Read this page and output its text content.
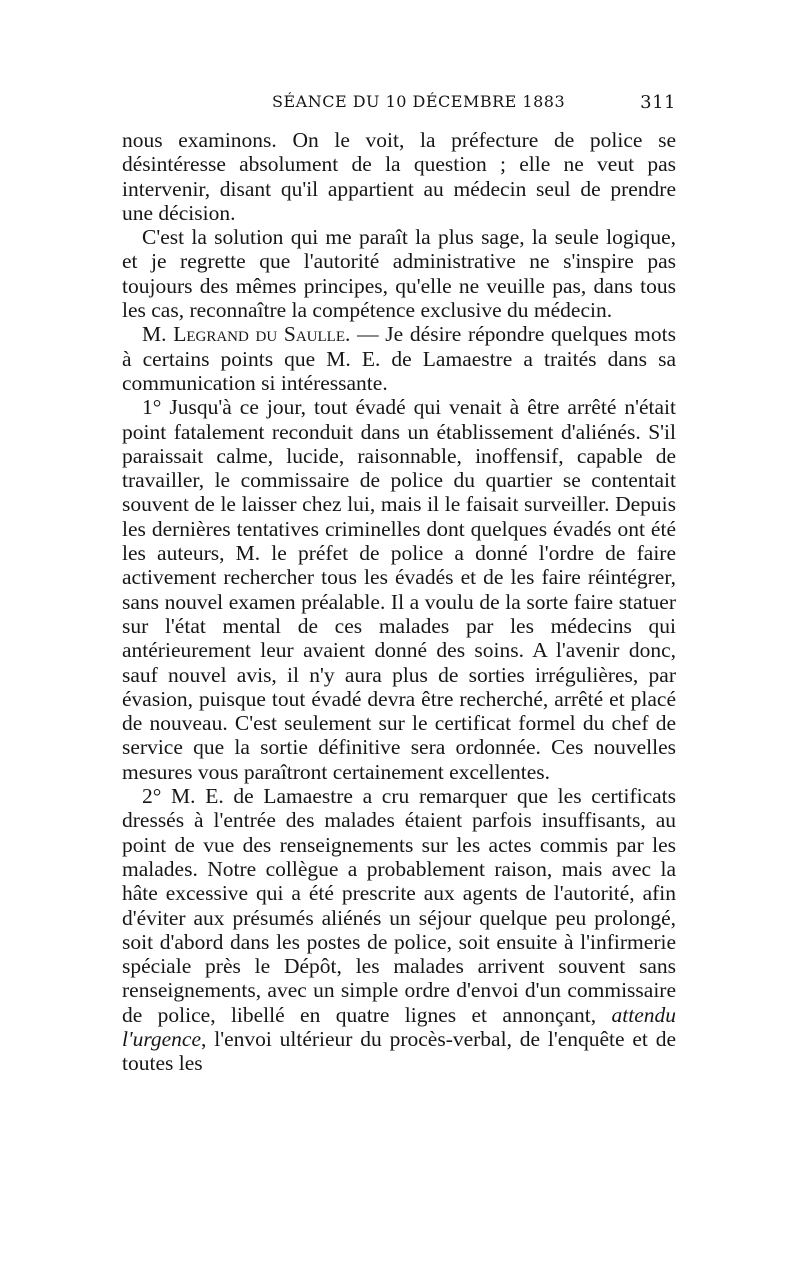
SÉANCE DU 10 DÉCEMBRE 1883	311

nous examinons. On le voit, la préfecture de police se désintéresse absolument de la question ; elle ne veut pas intervenir, disant qu'il appartient au médecin seul de prendre une décision.

C'est la solution qui me paraît la plus sage, la seule logique, et je regrette que l'autorité administrative ne s'inspire pas toujours des mêmes principes, qu'elle ne veuille pas, dans tous les cas, reconnaître la compétence exclusive du médecin.

M. Legrand du Saulle. — Je désire répondre quelques mots à certains points que M. E. de Lamaestre a traités dans sa communication si intéressante.

1° Jusqu'à ce jour, tout évadé qui venait à être arrêté n'était point fatalement reconduit dans un établissement d'aliénés. S'il paraissait calme, lucide, raisonnable, inoffensif, capable de travailler, le commissaire de police du quartier se contentait souvent de le laisser chez lui, mais il le faisait surveiller. Depuis les dernières tentatives criminelles dont quelques évadés ont été les auteurs, M. le préfet de police a donné l'ordre de faire activement rechercher tous les évadés et de les faire réintégrer, sans nouvel examen préalable. Il a voulu de la sorte faire statuer sur l'état mental de ces malades par les médecins qui antérieurement leur avaient donné des soins. A l'avenir donc, sauf nouvel avis, il n'y aura plus de sorties irrégulières, par évasion, puisque tout évadé devra être recherché, arrêté et placé de nouveau. C'est seulement sur le certificat formel du chef de service que la sortie définitive sera ordonnée. Ces nouvelles mesures vous paraîtront certainement excellentes.

2° M. E. de Lamaestre a cru remarquer que les certificats dressés à l'entrée des malades étaient parfois insuffisants, au point de vue des renseignements sur les actes commis par les malades. Notre collègue a probablement raison, mais avec la hâte excessive qui a été prescrite aux agents de l'autorité, afin d'éviter aux présumés aliénés un séjour quelque peu prolongé, soit d'abord dans les postes de police, soit ensuite à l'infirmerie spéciale près le Dépôt, les malades arrivent souvent sans renseignements, avec un simple ordre d'envoi d'un commissaire de police, libellé en quatre lignes et annonçant, attendu l'urgence, l'envoi ultérieur du procès-verbal, de l'enquête et de toutes les
